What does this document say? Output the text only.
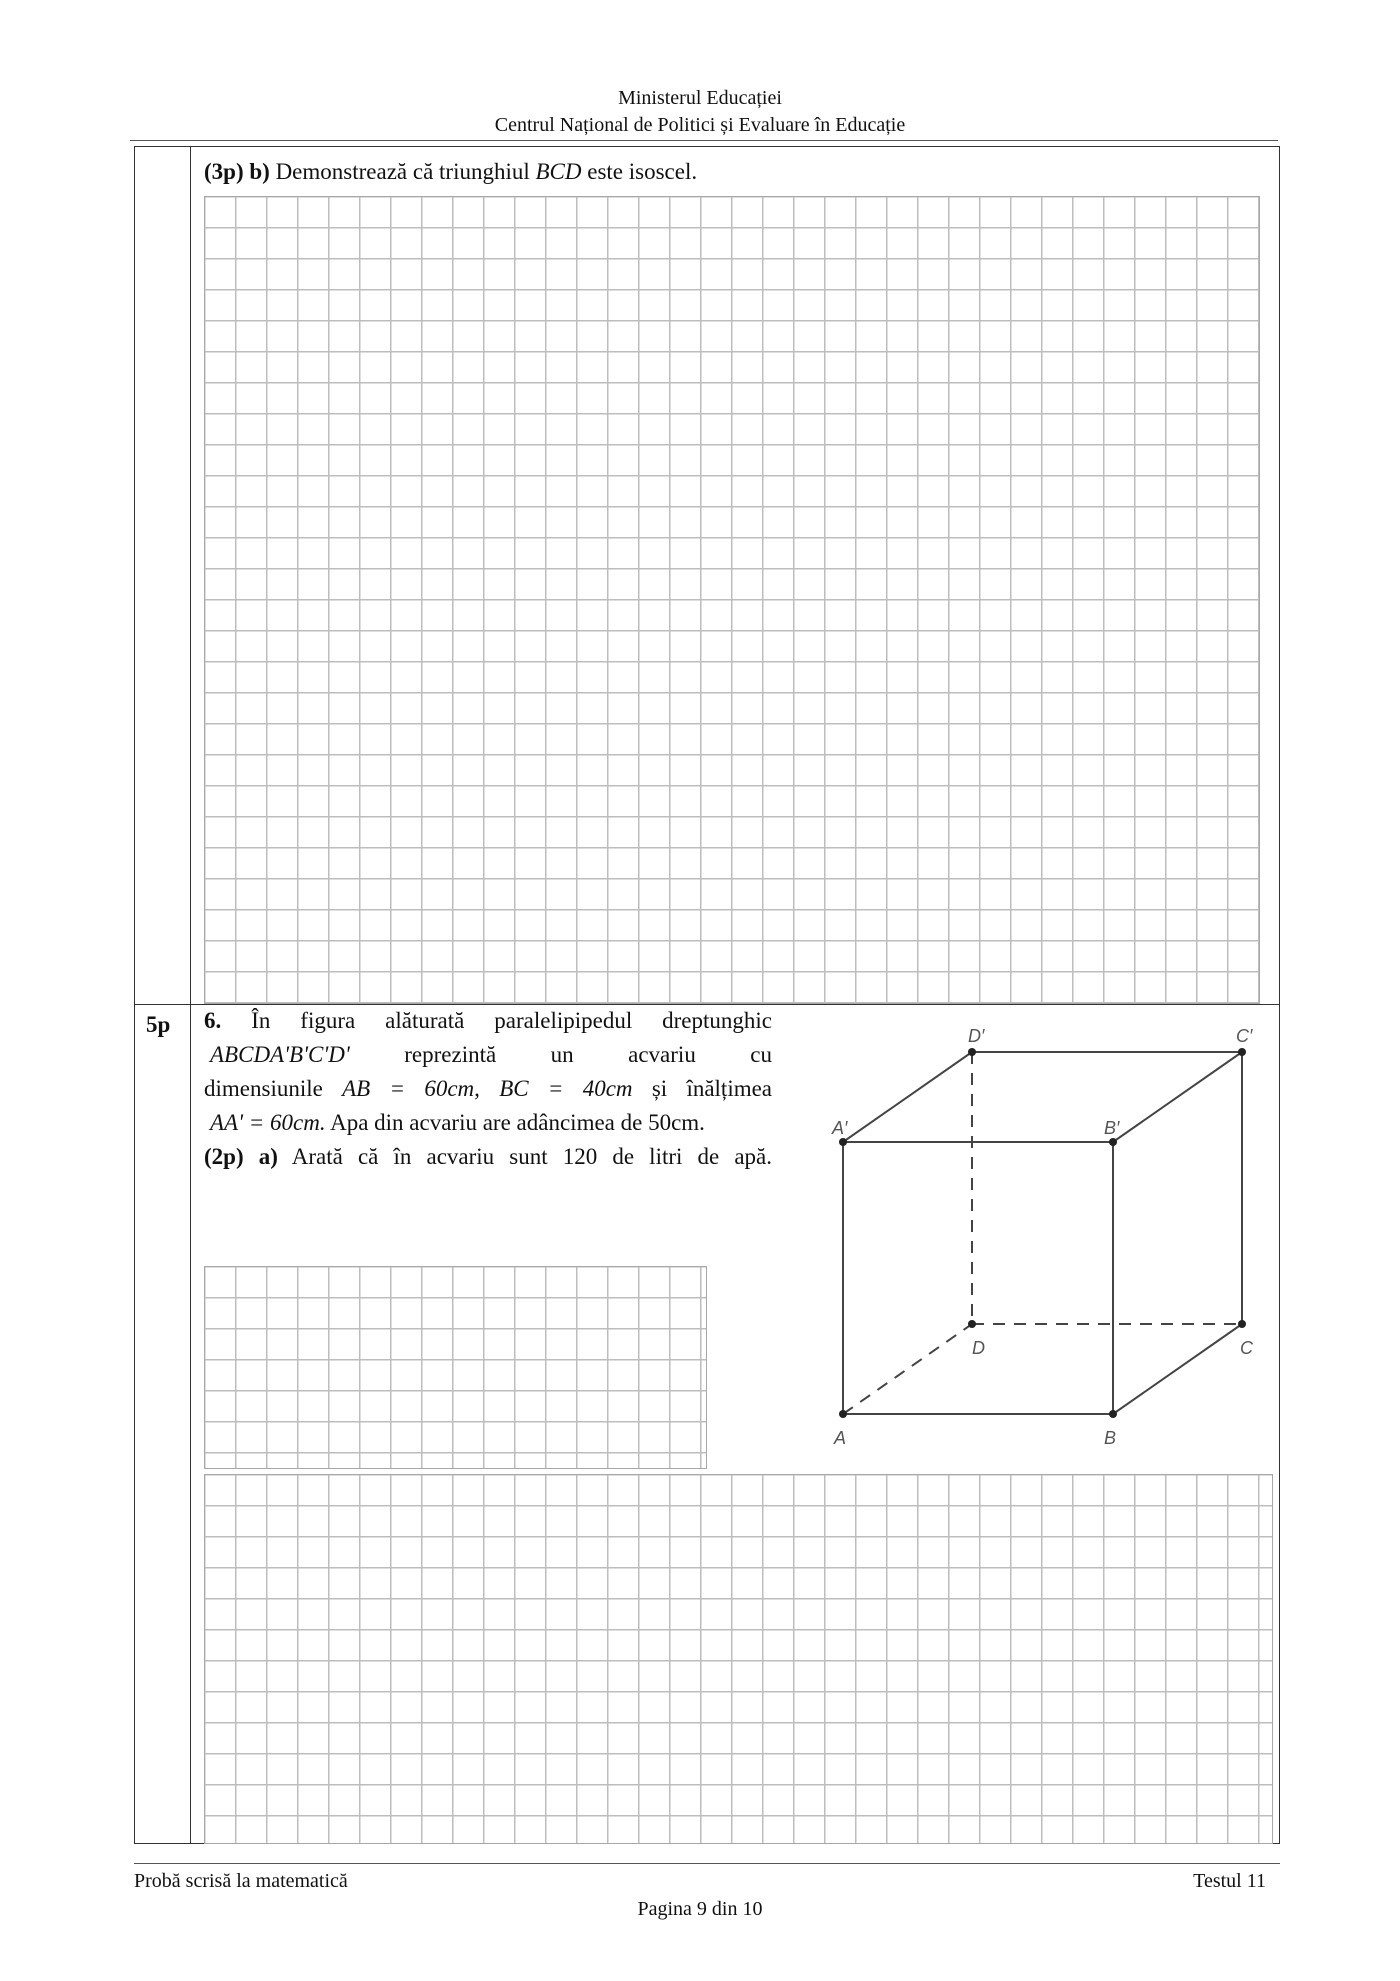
Ministerul Educației
Centrul Național de Politici și Evaluare în Educație
(3p) b) Demonstrează că triunghiul BCD este isoscel.
5p 6. În figura alăturată paralelipipedul dreptunghic
ABCDA'B'C'D' reprezintă un acvariu cu
dimensiunile AB = 60cm, BC = 40cm și înălțimea
AA' = 60cm. Apa din acvariu are adâncimea de 50cm.
(2p) a) Arată că în acvariu sunt 120 de litri de apă.
A	B
C
D
A′	B′
C′
D′
Probă scrisă la matematică	Testul 11
Pagina 9 din 10
